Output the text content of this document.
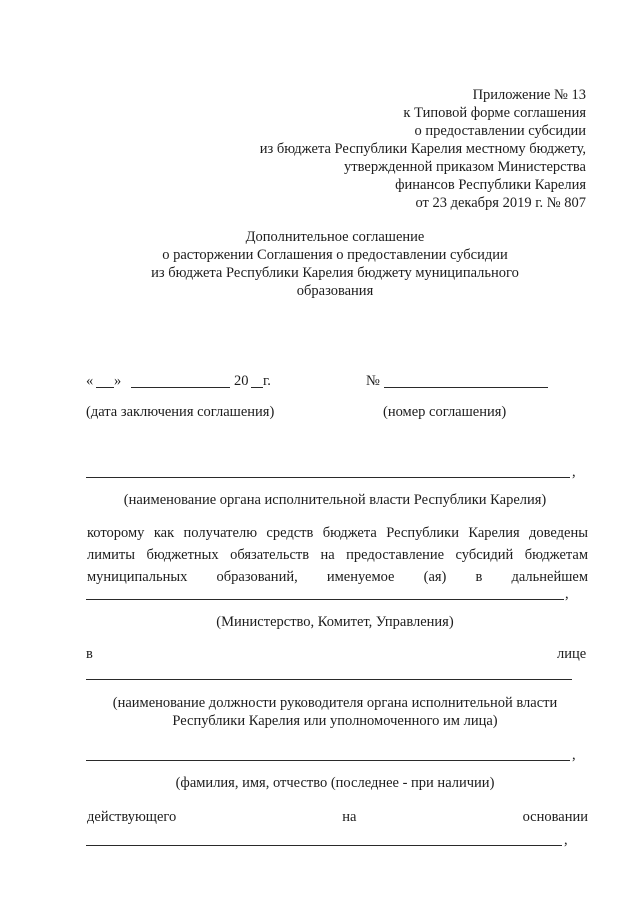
Приложение № 13
к Типовой форме соглашения
о предоставлении субсидии
из бюджета Республики Карелия местному бюджету,
утвержденной приказом Министерства
финансов Республики Карелия
от 23 декабря 2019 г. № 807
Дополнительное соглашение
о расторжении Соглашения о предоставлении субсидии
из бюджета Республики Карелия бюджету муниципального
образования
« »	20 г.	№
(дата заключения соглашения)	(номер соглашения)
,
(наименование органа исполнительной власти Республики Карелия)
которому как получателю средств бюджета Республики Карелия доведены
лимиты бюджетных обязательств на предоставление субсидий бюджетам
муниципальных образований, именуемое (ая) в дальнейшем
,
(Министерство, Комитет, Управления)
в	лице
(наименование должности руководителя органа исполнительной власти
Республики Карелия или уполномоченного им лица)
,
(фамилия, имя, отчество (последнее - при наличии)
действующего на основании
,
